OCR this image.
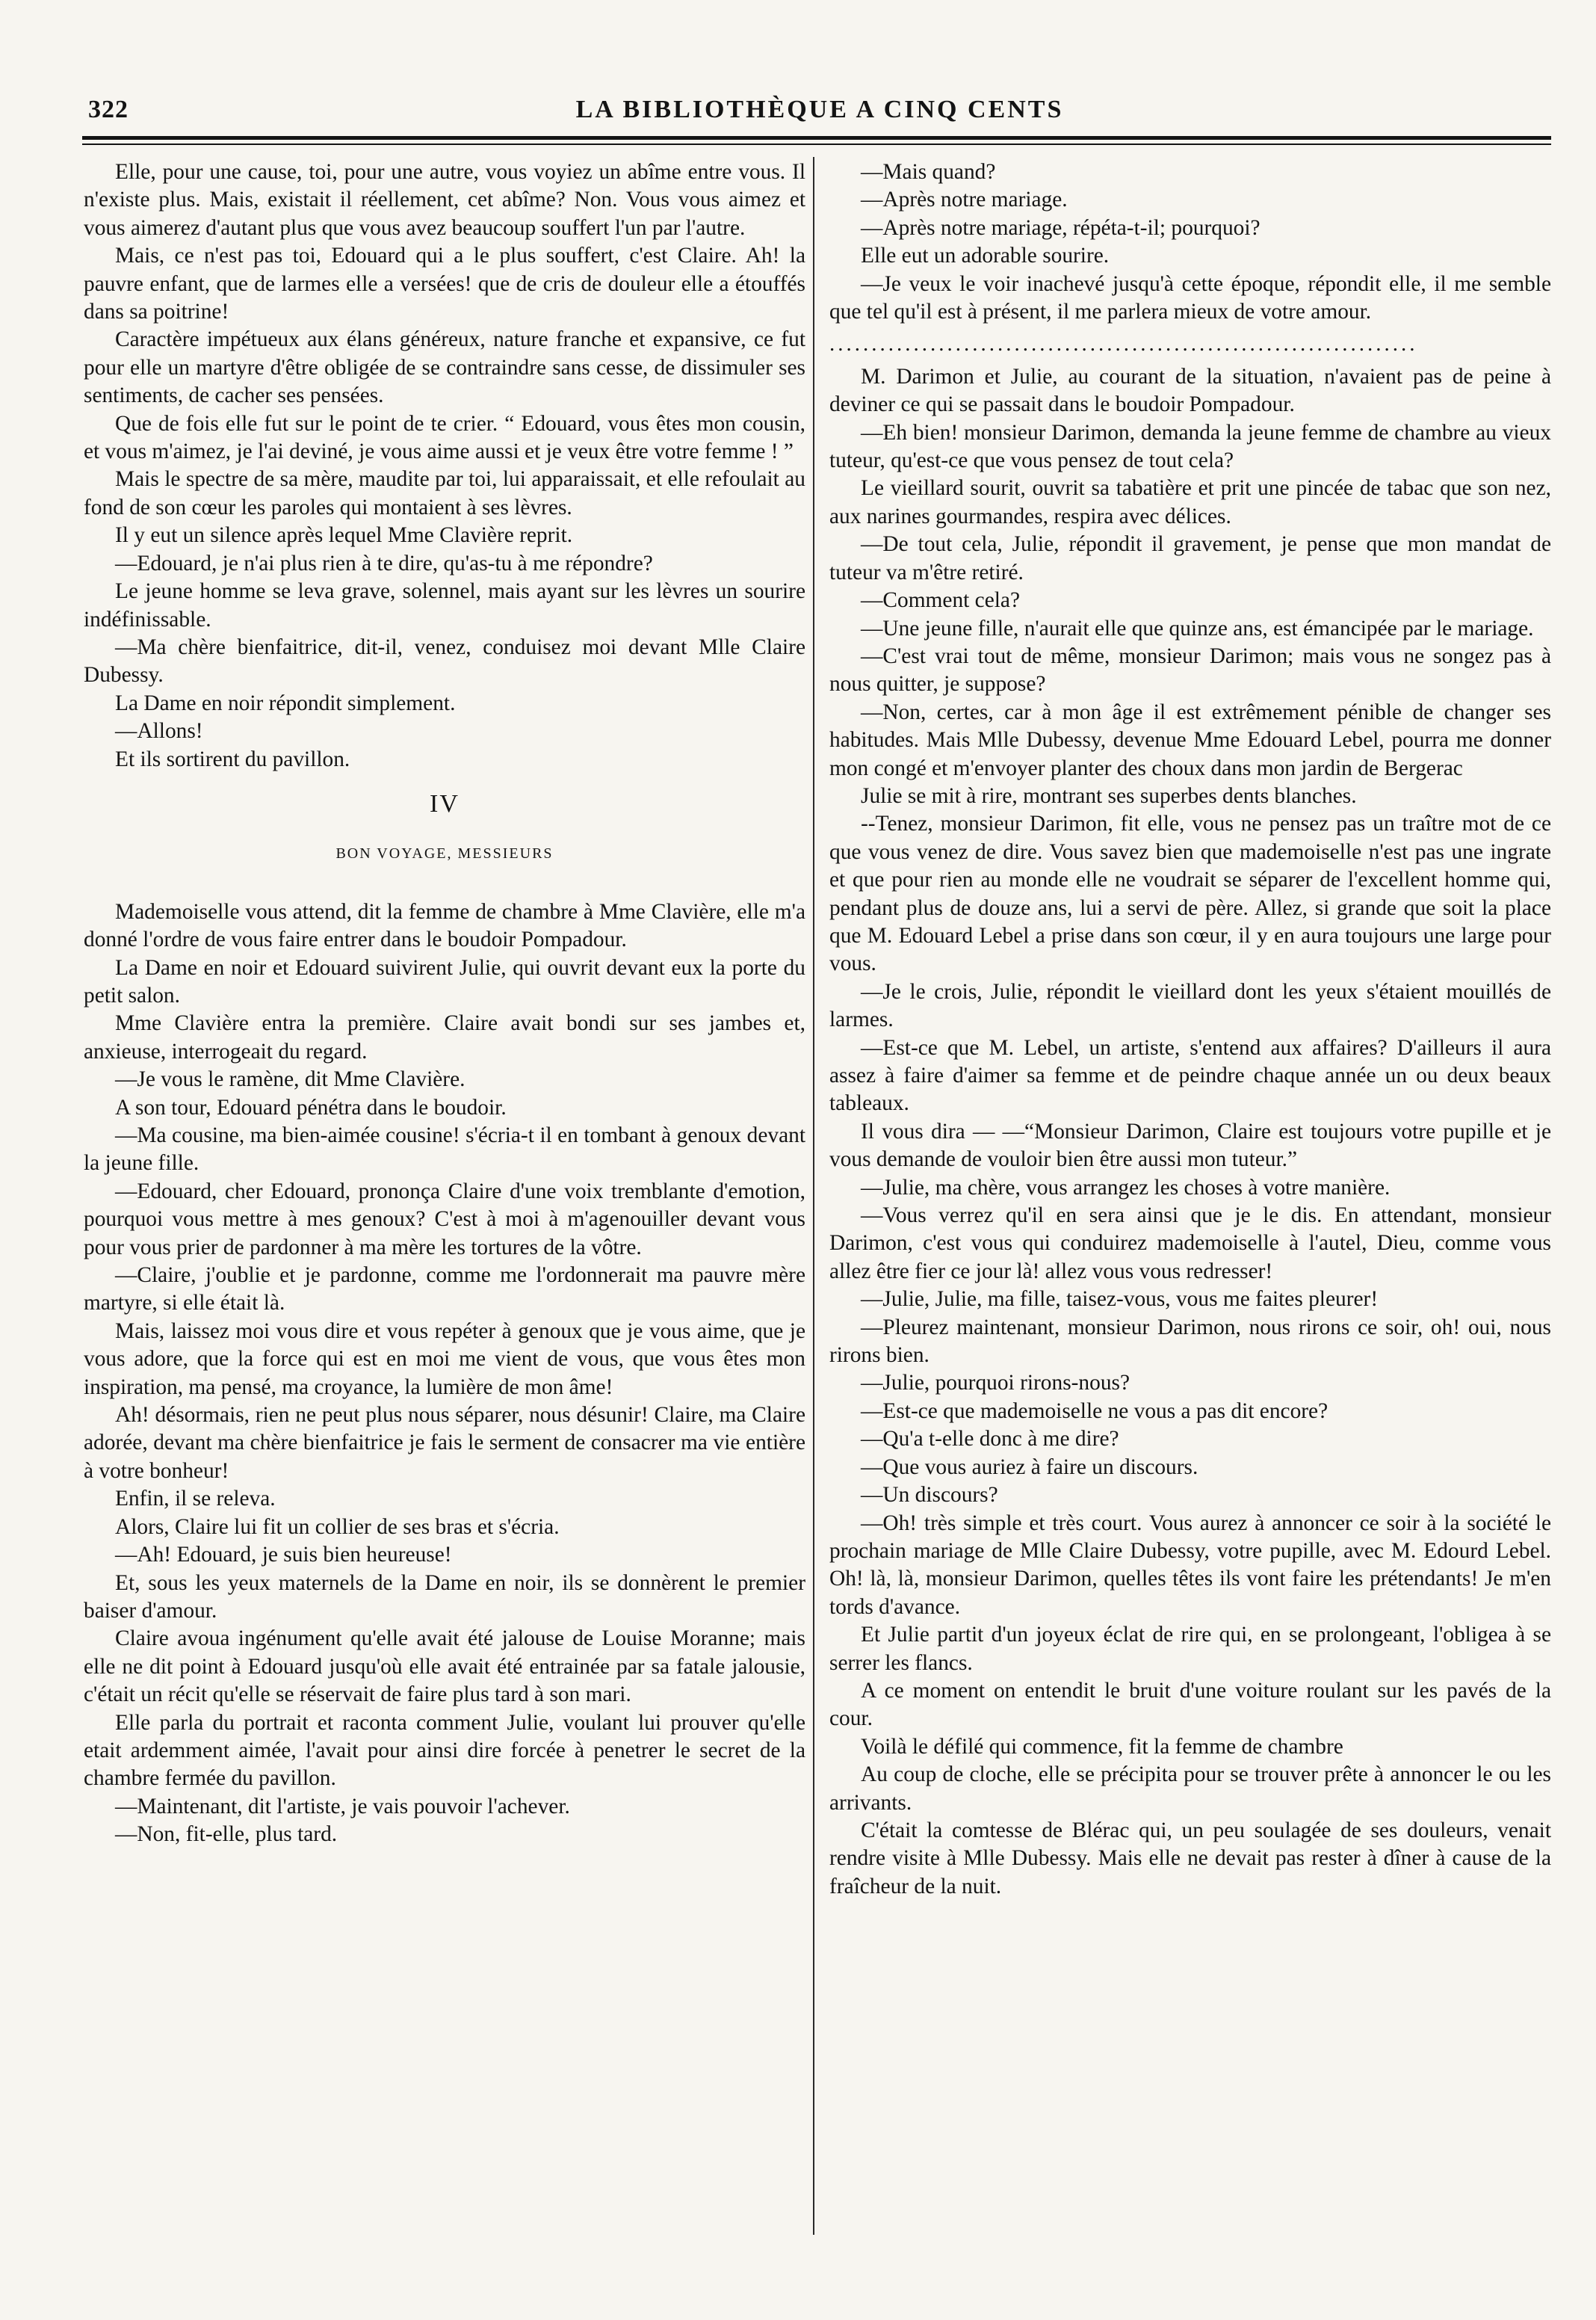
322	LA BIBLIOTHÈQUE A CINQ CENTS

Elle, pour une cause, toi, pour une autre, vous voyiez un abîme entre vous. Il n'existe plus. Mais, existait il réellement, cet abîme? Non. Vous vous aimez et vous aimerez d'autant plus que vous avez beaucoup souffert l'un par l'autre.

Mais, ce n'est pas toi, Edouard qui a le plus souffert, c'est Claire. Ah! la pauvre enfant, que de larmes elle a versées! que de cris de douleur elle a étouffés dans sa poitrine!

Caractère impétueux aux élans généreux, nature franche et expansive, ce fut pour elle un martyre d'être obligée de se contraindre sans cesse, de dissimuler ses sentiments, de cacher ses pensées.

Que de fois elle fut sur le point de te crier. “ Edouard, vous êtes mon cousin, et vous m'aimez, je l'ai deviné, je vous aime aussi et je veux être votre femme ! ”

Mais le spectre de sa mère, maudite par toi, lui apparaissait, et elle refoulait au fond de son cœur les paroles qui montaient à ses lèvres.

Il y eut un silence après lequel Mme Clavière reprit.

—Edouard, je n'ai plus rien à te dire, qu'as-tu à me répondre?

Le jeune homme se leva grave, solennel, mais ayant sur les lèvres un sourire indéfinissable.

—Ma chère bienfaitrice, dit-il, venez, conduisez moi devant Mlle Claire Dubessy.

La Dame en noir répondit simplement.

—Allons!

Et ils sortirent du pavillon.

IV
BON VOYAGE, MESSIEURS

Mademoiselle vous attend, dit la femme de chambre à Mme Clavière, elle m'a donné l'ordre de vous faire entrer dans le boudoir Pompadour.

La Dame en noir et Edouard suivirent Julie, qui ouvrit devant eux la porte du petit salon.

Mme Clavière entra la première. Claire avait bondi sur ses jambes et, anxieuse, interrogeait du regard.

—Je vous le ramène, dit Mme Clavière.

A son tour, Edouard pénétra dans le boudoir.

—Ma cousine, ma bien-aimée cousine! s'écria-t il en tombant à genoux devant la jeune fille.

—Edouard, cher Edouard, prononça Claire d'une voix tremblante d'emotion, pourquoi vous mettre à mes genoux? C'est à moi à m'agenouiller devant vous pour vous prier de pardonner à ma mère les tortures de la vôtre.

—Claire, j'oublie et je pardonne, comme me l'ordonnerait ma pauvre mère martyre, si elle était là.

Mais, laissez moi vous dire et vous repéter à genoux que je vous aime, que je vous adore, que la force qui est en moi me vient de vous, que vous êtes mon inspiration, ma pensé, ma croyance, la lumière de mon âme!

Ah! désormais, rien ne peut plus nous séparer, nous désunir! Claire, ma Claire adorée, devant ma chère bienfaitrice je fais le serment de consacrer ma vie entière à votre bonheur!

Enfin, il se releva.

Alors, Claire lui fit un collier de ses bras et s'écria.

—Ah! Edouard, je suis bien heureuse!

Et, sous les yeux maternels de la Dame en noir, ils se donnèrent le premier baiser d'amour.

Claire avoua ingénument qu'elle avait été jalouse de Louise Moranne; mais elle ne dit point à Edouard jusqu'où elle avait été entrainée par sa fatale jalousie, c'était un récit qu'elle se réservait de faire plus tard à son mari.

Elle parla du portrait et raconta comment Julie, voulant lui prouver qu'elle etait ardemment aimée, l'avait pour ainsi dire forcée à penetrer le secret de la chambre fermée du pavillon.

—Maintenant, dit l'artiste, je vais pouvoir l'achever.

—Non, fit-elle, plus tard.

—Mais quand?

—Après notre mariage.

—Après notre mariage, répéta-t-il; pourquoi?

Elle eut un adorable sourire.

—Je veux le voir inachevé jusqu'à cette époque, répondit elle, il me semble que tel qu'il est à présent, il me parlera mieux de votre amour.

......................................................................

M. Darimon et Julie, au courant de la situation, n'avaient pas de peine à deviner ce qui se passait dans le boudoir Pompadour.

—Eh bien! monsieur Darimon, demanda la jeune femme de chambre au vieux tuteur, qu'est-ce que vous pensez de tout cela?

Le vieillard sourit, ouvrit sa tabatière et prit une pincée de tabac que son nez, aux narines gourmandes, respira avec délices.

—De tout cela, Julie, répondit il gravement, je pense que mon mandat de tuteur va m'être retiré.

—Comment cela?

—Une jeune fille, n'aurait elle que quinze ans, est émancipée par le mariage.

—C'est vrai tout de même, monsieur Darimon; mais vous ne songez pas à nous quitter, je suppose?

—Non, certes, car à mon âge il est extrêmement pénible de changer ses habitudes. Mais Mlle Dubessy, devenue Mme Edouard Lebel, pourra me donner mon congé et m'envoyer planter des choux dans mon jardin de Bergerac

Julie se mit à rire, montrant ses superbes dents blanches.

--Tenez, monsieur Darimon, fit elle, vous ne pensez pas un traître mot de ce que vous venez de dire. Vous savez bien que mademoiselle n'est pas une ingrate et que pour rien au monde elle ne voudrait se séparer de l'excellent homme qui, pendant plus de douze ans, lui a servi de père. Allez, si grande que soit la place que M. Edouard Lebel a prise dans son cœur, il y en aura toujours une large pour vous.

—Je le crois, Julie, répondit le vieillard dont les yeux s'étaient mouillés de larmes.

—Est-ce que M. Lebel, un artiste, s'entend aux affaires? D'ailleurs il aura assez à faire d'aimer sa femme et de peindre chaque année un ou deux beaux tableaux.

Il vous dira — —“Monsieur Darimon, Claire est toujours votre pupille et je vous demande de vouloir bien être aussi mon tuteur.”

—Julie, ma chère, vous arrangez les choses à votre manière.

—Vous verrez qu'il en sera ainsi que je le dis. En attendant, monsieur Darimon, c'est vous qui conduirez mademoiselle à l'autel, Dieu, comme vous allez être fier ce jour là! allez vous vous redresser!

—Julie, Julie, ma fille, taisez-vous, vous me faites pleurer!

—Pleurez maintenant, monsieur Darimon, nous rirons ce soir, oh! oui, nous rirons bien.

—Julie, pourquoi rirons-nous?

—Est-ce que mademoiselle ne vous a pas dit encore?

—Qu'a t-elle donc à me dire?

—Que vous auriez à faire un discours.

—Un discours?

—Oh! très simple et très court. Vous aurez à annoncer ce soir à la société le prochain mariage de Mlle Claire Dubessy, votre pupille, avec M. Edourd Lebel. Oh! là, là, monsieur Darimon, quelles têtes ils vont faire les prétendants! Je m'en tords d'avance.

Et Julie partit d'un joyeux éclat de rire qui, en se prolongeant, l'obligea à se serrer les flancs.

A ce moment on entendit le bruit d'une voiture roulant sur les pavés de la cour.

Voilà le défilé qui commence, fit la femme de chambre

Au coup de cloche, elle se précipita pour se trouver prête à annoncer le ou les arrivants.

C'était la comtesse de Blérac qui, un peu soulagée de ses douleurs, venait rendre visite à Mlle Dubessy. Mais elle ne devait pas rester à dîner à cause de la fraîcheur de la nuit.
